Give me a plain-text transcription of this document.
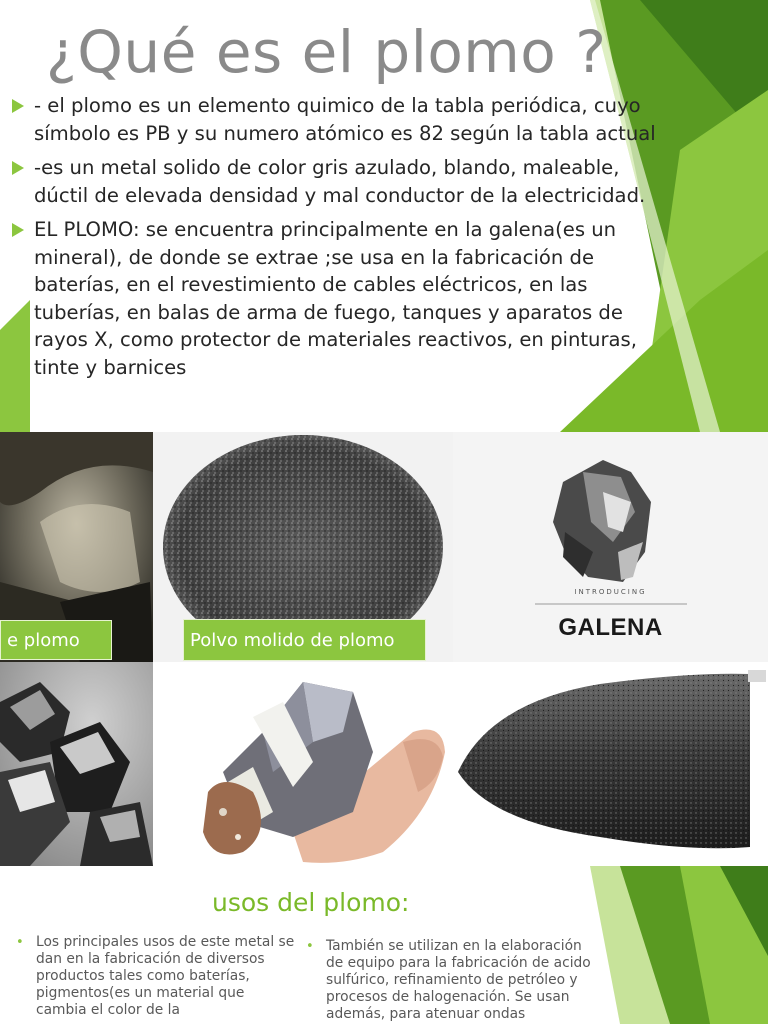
¿Qué es el plomo ?
- el plomo es un elemento quimico de la tabla periódica, cuyo símbolo es PB y su numero atómico es 82 según la tabla actual
-es un metal solido de color gris azulado, blando, maleable, dúctil de elevada densidad y mal conductor de la electricidad.
EL PLOMO: se encuentra principalmente en la galena(es un mineral), de donde se extrae ;se usa en la fabricación de baterías, en el revestimiento de cables eléctricos, en las tuberías, en balas de arma de fuego, tanques y aparatos de rayos X, como protector de materiales reactivos, en pinturas, tinte y barnices
e plomo	Polvo molido de plomo
INTRODUCING
GALENA
usos del plomo:
• Los principales usos de este metal se dan en la fabricación de diversos productos tales como baterías, pigmentos(es un material que cambia el color de la
• También se utilizan en la elaboración de equipo para la fabricación de acido sulfúrico, refinamiento de petróleo y procesos de halogenación. Se usan además, para atenuar ondas
